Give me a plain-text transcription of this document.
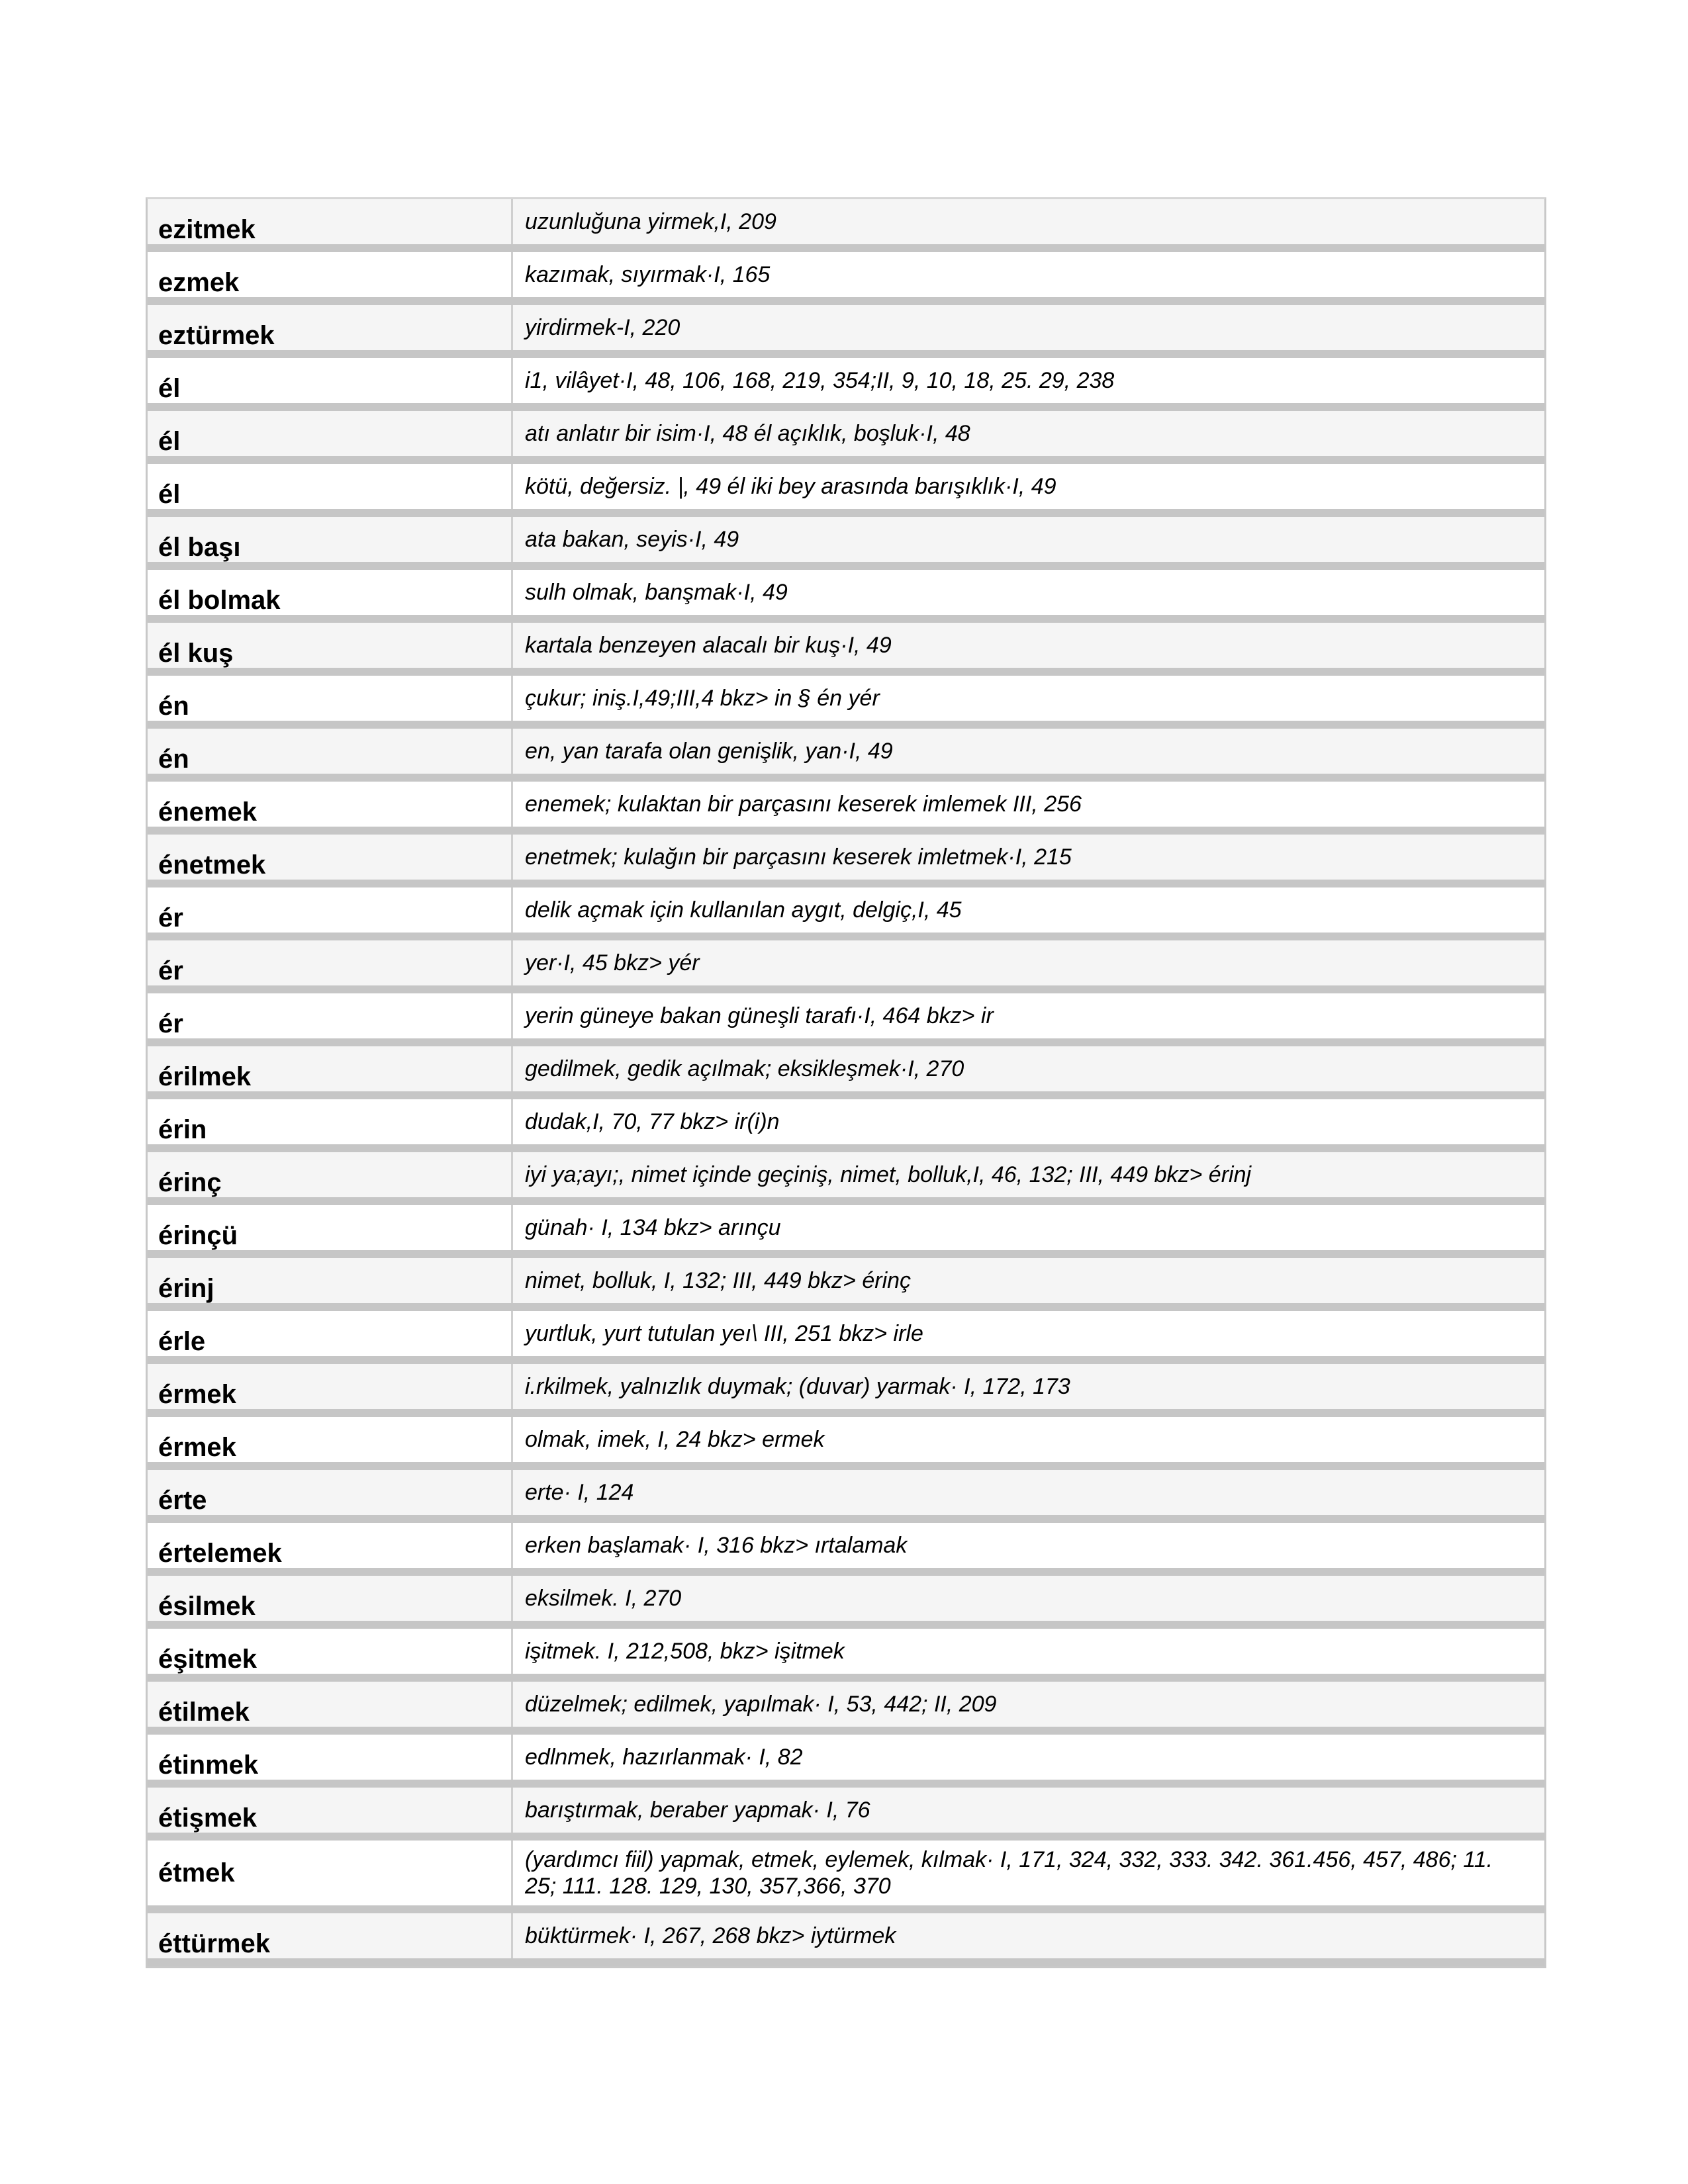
ezitmek	uzunluğuna yirmek,I, 209
ezmek	kazımak, sıyırmak·I, 165
eztürmek	yirdirmek-I, 220
él	i1, vilâyet·I, 48, 106, 168, 219, 354;II, 9, 10, 18, 25. 29, 238
él	atı anlatır bir isim·I, 48 él açıklık, boşluk·I, 48
él	kötü, değersiz. |, 49 él iki bey arasında barışıklık·I, 49
él başı	ata bakan, seyis·I, 49
él bolmak	sulh olmak, banşmak·I, 49
él kuş	kartala benzeyen alacalı bir kuş·I, 49
én	çukur; iniş.I,49;III,4 bkz> in § én yér
én	en, yan tarafa olan genişlik, yan·I, 49
énemek	enemek; kulaktan bir parçasını keserek imlemek III, 256
énetmek	enetmek; kulağın bir parçasını keserek imletmek·I, 215
ér	delik açmak için kullanılan aygıt, delgiç,I, 45
ér	yer·I, 45 bkz> yér
ér	yerin güneye bakan güneşli tarafı·I, 464 bkz> ir
érilmek	gedilmek, gedik açılmak; eksikleşmek·I, 270
érin	dudak,I, 70, 77 bkz> ir(i)n
érinç	iyi ya;ayı;, nimet içinde geçiniş, nimet, bolluk,I, 46, 132; III, 449 bkz> érinj
érinçü	günah· I, 134 bkz> arınçu
érinj	nimet, bolluk, I, 132; III, 449 bkz> érinç
érle	yurtluk, yurt tutulan yeı\ III, 251 bkz> irle
érmek	i.rkilmek, yalnızlık duymak; (duvar) yarmak· I, 172, 173
érmek	olmak, imek, I, 24 bkz> ermek
érte	erte· I, 124
értelemek	erken başlamak· I, 316 bkz> ırtalamak
ésilmek	eksilmek. I, 270
éşitmek	işitmek. I, 212,508, bkz> işitmek
étilmek	düzelmek; edilmek, yapılmak· I, 53, 442; II, 209
étinmek	edlnmek, hazırlanmak· I, 82
étişmek	barıştırmak, beraber yapmak· I, 76
étmek	(yardımcı fiil) yapmak, etmek, eylemek, kılmak· I, 171, 324, 332, 333. 342. 361.456, 457, 486; 11. 25; 111. 128. 129, 130, 357,366, 370
éttürmek	büktürmek· I, 267, 268 bkz> iytürmek
